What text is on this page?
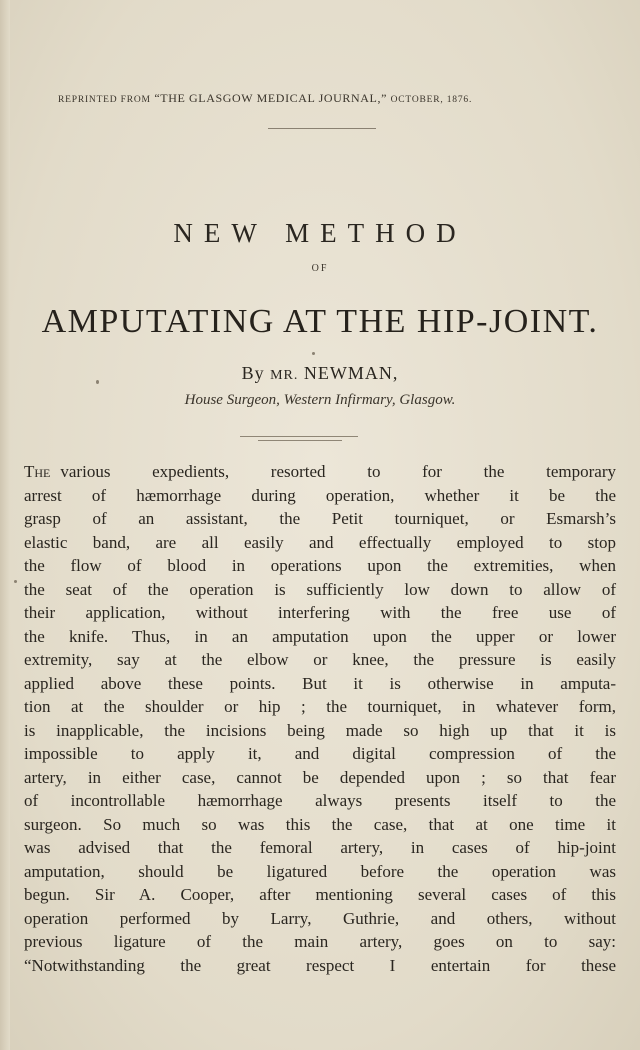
REPRINTED FROM “THE GLASGOW MEDICAL JOURNAL,” OCTOBER, 1876.
NEW METHOD
OF
AMPUTATING AT THE HIP-JOINT.
By MR. NEWMAN,
House Surgeon, Western Infirmary, Glasgow.
The various expedients, resorted to for the temporary
arrest of hæmorrhage during operation, whether it be the
grasp of an assistant, the Petit tourniquet, or Esmarsh’s
elastic band, are all easily and effectually employed to stop
the flow of blood in operations upon the extremities, when
the seat of the operation is sufficiently low down to allow of
their application, without interfering with the free use of
the knife. Thus, in an amputation upon the upper or lower
extremity, say at the elbow or knee, the pressure is easily
applied above these points. But it is otherwise in amputa-
tion at the shoulder or hip ; the tourniquet, in whatever form,
is inapplicable, the incisions being made so high up that it is
impossible to apply it, and digital compression of the
artery, in either case, cannot be depended upon ; so that fear
of incontrollable hæmorrhage always presents itself to the
surgeon. So much so was this the case, that at one time it
was advised that the femoral artery, in cases of hip-joint
amputation, should be ligatured before the operation was
begun. Sir A. Cooper, after mentioning several cases of this
operation performed by Larry, Guthrie, and others, without
previous ligature of the main artery, goes on to say:
“Notwithstanding the great respect I entertain for these
